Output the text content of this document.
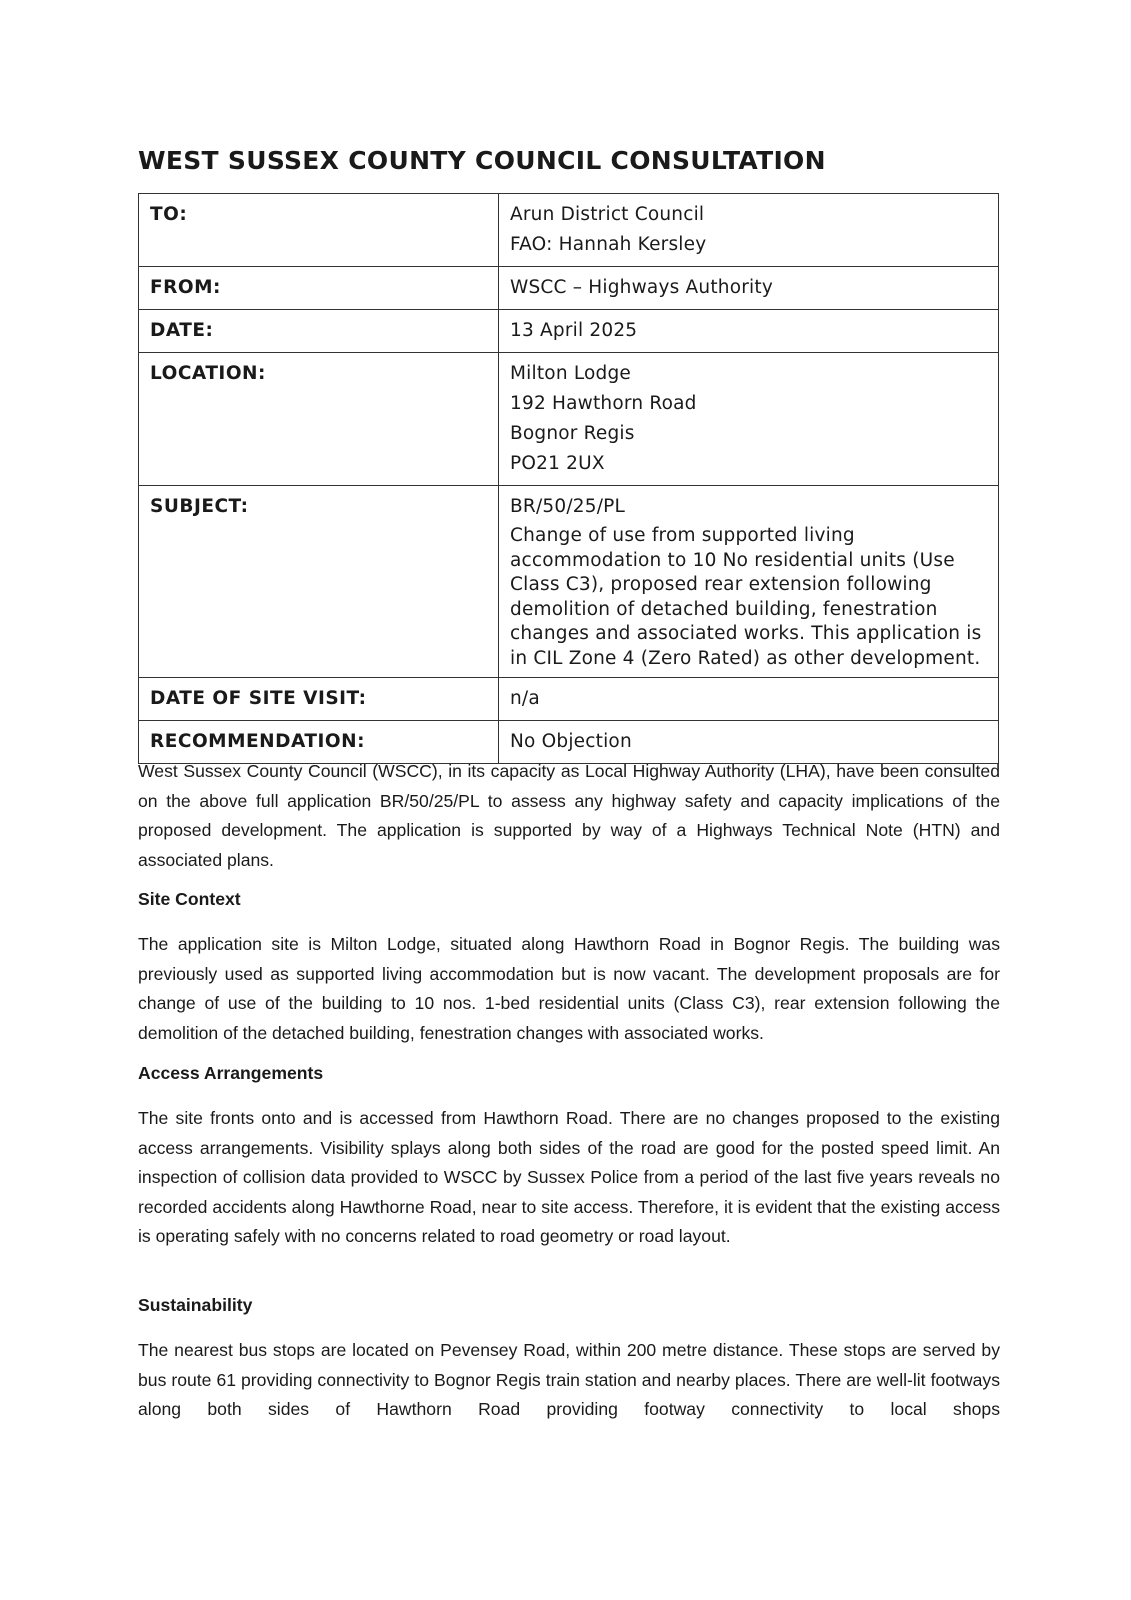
WEST SUSSEX COUNTY COUNCIL CONSULTATION
TO:	Arun District Council
FAO: Hannah Kersley

FROM:	WSCC – Highways Authority
DATE:	13 April 2025
LOCATION:	Milton Lodge
192 Hawthorn Road
Bognor Regis
PO21 2UX

SUBJECT:	BR/50/25/PL
Change of use from supported living accommodation to 10 No residential units (Use Class C3), proposed rear extension following demolition of detached building, fenestration changes and associated works. This application is in CIL Zone 4 (Zero Rated) as other development.

DATE OF SITE VISIT:	n/a
RECOMMENDATION:	No Objection

West Sussex County Council (WSCC), in its capacity as Local Highway Authority (LHA), have been consulted on the above full application BR/50/25/PL to assess any highway safety and capacity implications of the proposed development. The application is supported by way of a Highways Technical Note (HTN) and associated plans.

Site Context

The application site is Milton Lodge, situated along Hawthorn Road in Bognor Regis. The building was previously used as supported living accommodation but is now vacant. The development proposals are for change of use of the building to 10 nos. 1-bed residential units (Class C3), rear extension following the demolition of the detached building, fenestration changes with associated works.

Access Arrangements

The site fronts onto and is accessed from Hawthorn Road. There are no changes proposed to the existing access arrangements. Visibility splays along both sides of the road are good for the posted speed limit. An inspection of collision data provided to WSCC by Sussex Police from a period of the last five years reveals no recorded accidents along Hawthorne Road, near to site access. Therefore, it is evident that the existing access is operating safely with no concerns related to road geometry or road layout.

Sustainability

The nearest bus stops are located on Pevensey Road, within 200 metre distance. These stops are served by bus route 61 providing connectivity to Bognor Regis train station and nearby places. There are well-lit footways along both sides of Hawthorn Road providing footway connectivity to local shops
